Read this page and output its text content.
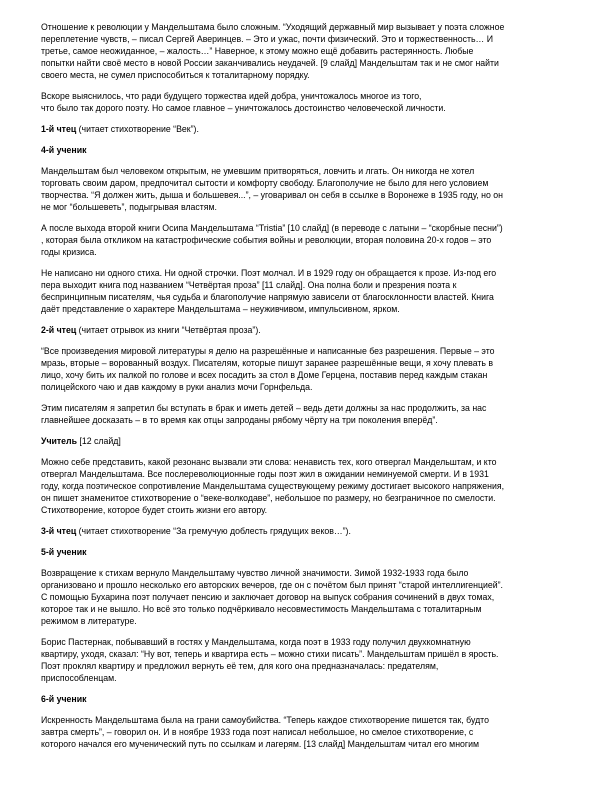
Отношение к революции у Мандельштама было сложным. “Уходящий державный мир вызывает у поэта сложное
переплетение чувств, – писал Сергей Аверинцев. – Это и ужас, почти физический. Это и торжественность… И
третье, самое неожиданное, – жалость…” Наверное, к этому можно ещё добавить растерянность. Любые
попытки найти своё место в новой России заканчивались неудачей. [9 слайд] Мандельштам так и не смог найти
своего места, не сумел приспособиться к тоталитарному порядку.
Вскоре выяснилось, что ради будущего торжества идей добра, уничтожалось многое из того,
что было так дорого поэту. Но самое главное – уничтожалось достоинство человеческой личности.
1-й чтец (читает стихотворение “Век”).
4-й ученик
Мандельштам был человеком открытым, не умевшим притворяться, ловчить и лгать. Он никогда не хотел
торговать своим даром, предпочитал сытости и комфорту свободу. Благополучие не было для него условием
творчества. “Я должен жить, дыша и большевея...”, – уговаривал он себя в ссылке в Воронеже в 1935 году, но он
не мог “большеветь”, подыгрывая властям.
А после выхода второй книги Осипа Мандельштама “Tristia” [10 слайд] (в переводе с латыни – “скорбные песни”)
, которая была откликом на катастрофические события войны и революции, вторая половина 20-х годов – это
годы кризиса.
Не написано ни одного стиха. Ни одной строчки. Поэт молчал. И в 1929 году он обращается к прозе. Из-под его
пера выходит книга под названием “Четвёртая проза” [11 слайд]. Она полна боли и презрения поэта к
беспринципным писателям, чья судьба и благополучие напрямую зависели от благосклонности властей. Книга
даёт представление о характере Мандельштама – неуживчивом, импульсивном, ярком.
2-й чтец (читает отрывок из книги “Четвёртая проза”).
“Все произведения мировой литературы я делю на разрешённые и написанные без разрешения. Первые – это
мразь, вторые – ворованный воздух. Писателям, которые пишут заранее разрешённые вещи, я хочу плевать в
лицо, хочу бить их палкой по голове и всех посадить за стол в Доме Герцена, поставив перед каждым стакан
полицейского чаю и дав каждому в руки анализ мочи Горнфельда.
Этим писателям я запретил бы вступать в брак и иметь детей – ведь дети должны за нас продолжить, за нас
главнейшее досказать – в то время как отцы запроданы рябому чёрту на три поколения вперёд”.
Учитель [12 слайд]
Можно себе представить, какой резонанс вызвали эти слова: ненависть тех, кого отвергал Мандельштам, и кто
отвергал Мандельштама. Все послереволюционные годы поэт жил в ожидании неминуемой смерти. И в 1931
году, когда поэтическое сопротивление Мандельштама существующему режиму достигает высокого напряжения,
он пишет знаменитое стихотворение о “веке-волкодаве”, небольшое по размеру, но безграничное по смелости.
Стихотворение, которое будет стоить жизни его автору.
3-й чтец (читает стихотворение “За гремучую доблесть грядущих веков…”).
5-й ученик
Возвращение к стихам вернуло Мандельштаму чувство личной значимости. Зимой 1932-1933 года было
организовано и прошло несколько его авторских вечеров, где он с почётом был принят “старой интеллигенцией”.
С помощью Бухарина поэт получает пенсию и заключает договор на выпуск собрания сочинений в двух томах,
которое так и не вышло. Но всё это только подчёркивало несовместимость Мандельштама с тоталитарным
режимом в литературе.
Борис Пастернак, побывавший в гостях у Мандельштама, когда поэт в 1933 году получил двухкомнатную
квартиру, уходя, сказал: “Ну вот, теперь и квартира есть – можно стихи писать”. Мандельштам пришёл в ярость.
Поэт проклял квартиру и предложил вернуть её тем, для кого она предназначалась: предателям,
приспособленцам.
6-й ученик
Искренность Мандельштама была на грани самоубийства. “Теперь каждое стихотворение пишется так, будто
завтра смерть”, – говорил он. И в ноябре 1933 года поэт написал небольшое, но смелое стихотворение, с
которого начался его мученический путь по ссылкам и лагерям. [13 слайд] Мандельштам читал его многим
